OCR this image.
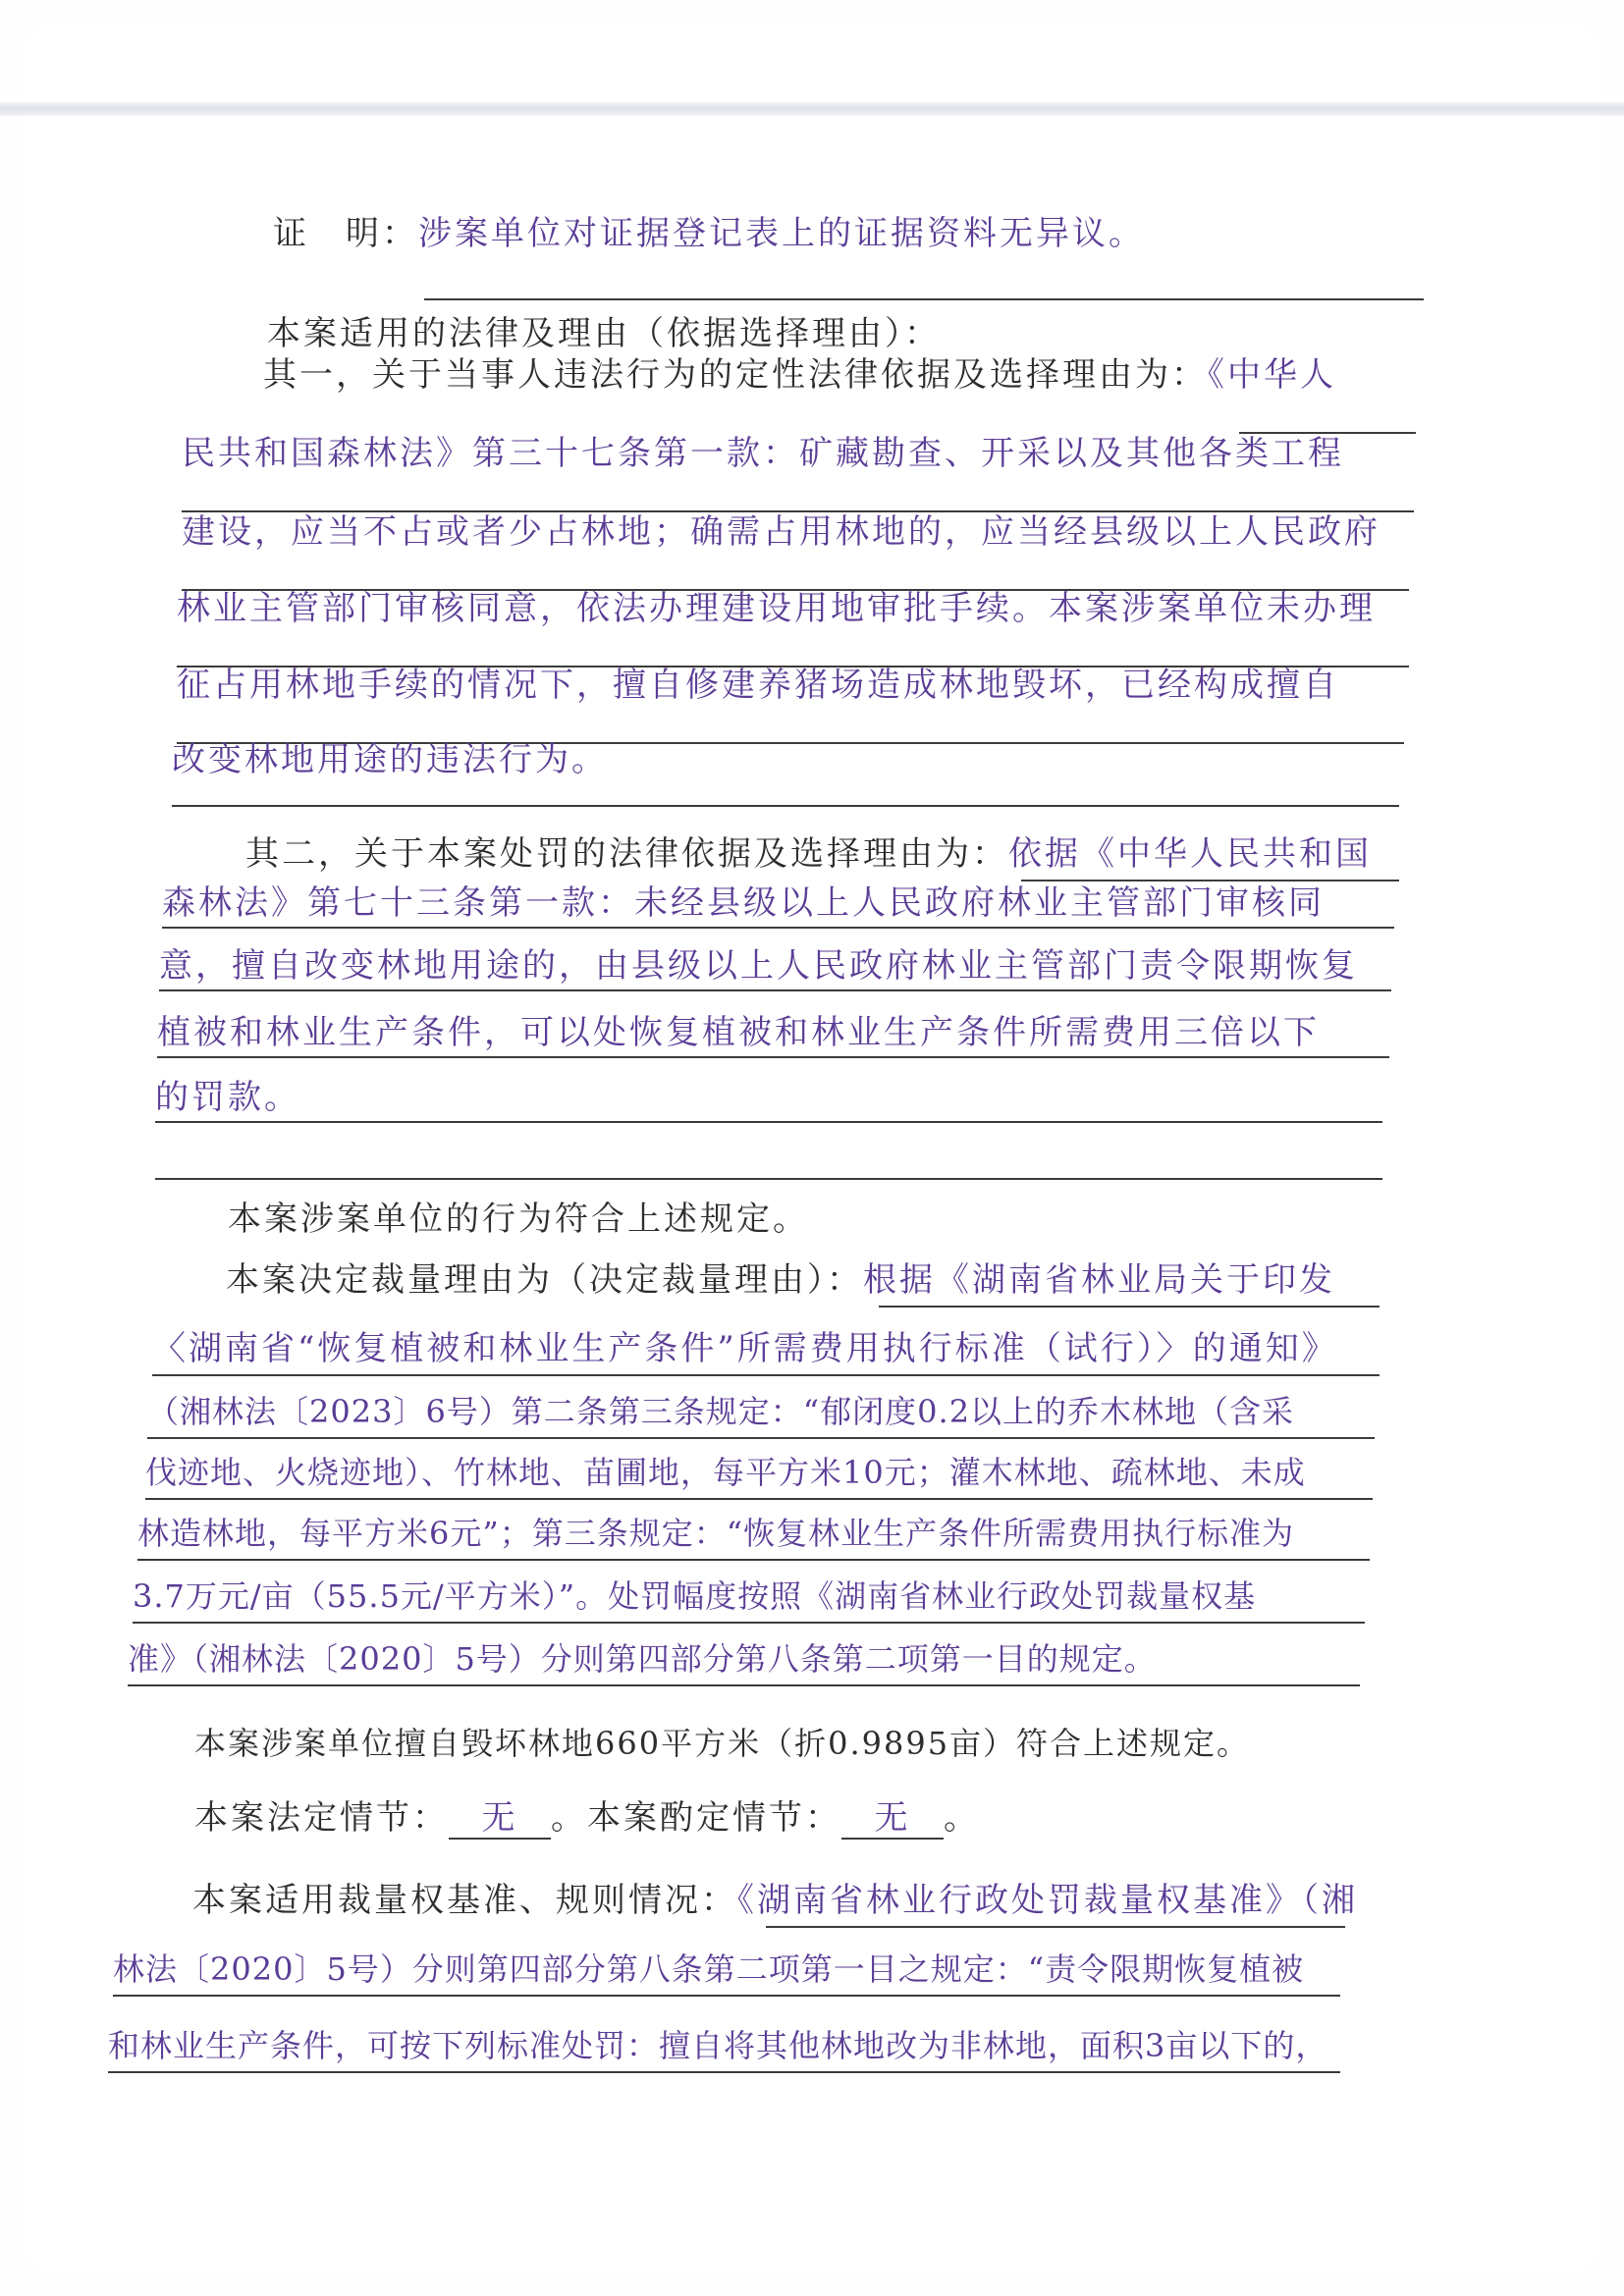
证　明：涉案单位对证据登记表上的证据资料无异议。
本案适用的法律及理由（依据选择理由）：
其一，关于当事人违法行为的定性法律依据及选择理由为：《中华人
民共和国森林法》第三十七条第一款：矿藏勘查、开采以及其他各类工程
建设，应当不占或者少占林地；确需占用林地的，应当经县级以上人民政府
林业主管部门审核同意，依法办理建设用地审批手续。本案涉案单位未办理
征占用林地手续的情况下，擅自修建养猪场造成林地毁坏，已经构成擅自
改变林地用途的违法行为。
其二，关于本案处罚的法律依据及选择理由为：依据《中华人民共和国
森林法》第七十三条第一款：未经县级以上人民政府林业主管部门审核同
意，擅自改变林地用途的，由县级以上人民政府林业主管部门责令限期恢复
植被和林业生产条件，可以处恢复植被和林业生产条件所需费用三倍以下
的罚款。
本案涉案单位的行为符合上述规定。
本案决定裁量理由为（决定裁量理由）：根据《湖南省林业局关于印发
〈湖南省“恢复植被和林业生产条件”所需费用执行标准（试行）〉的通知》
（湘林法〔2023〕6号）第二条第三条规定：“郁闭度0.2以上的乔木林地（含采
伐迹地、火烧迹地）、竹林地、苗圃地，每平方米10元；灌木林地、疏林地、未成
林造林地，每平方米6元”；第三条规定：“恢复林业生产条件所需费用执行标准为
3.7万元/亩（55.5元/平方米）”。处罚幅度按照《湖南省林业行政处罚裁量权基
准》（湘林法〔2020〕5号）分则第四部分第八条第二项第一目的规定。
本案涉案单位擅自毁坏林地660平方米（折0.9895亩）符合上述规定。
本案法定情节： 无 。本案酌定情节： 无 。
本案适用裁量权基准、规则情况：《湖南省林业行政处罚裁量权基准》（湘
林法〔2020〕5号）分则第四部分第八条第二项第一目之规定：“责令限期恢复植被
和林业生产条件，可按下列标准处罚：擅自将其他林地改为非林地，面积3亩以下的，
